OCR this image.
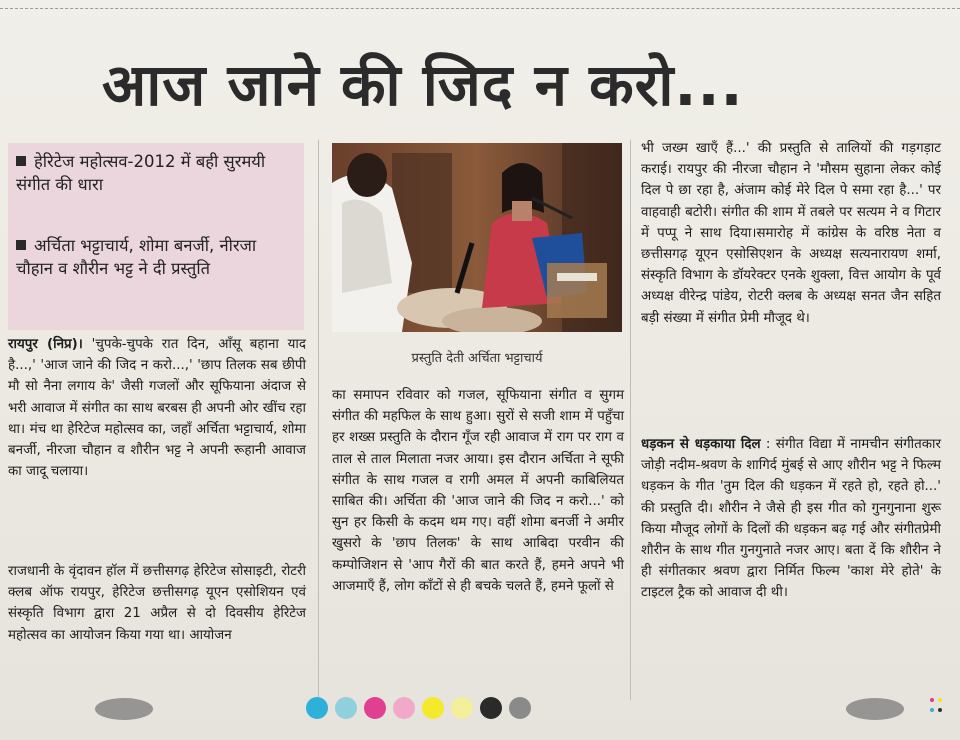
आज जाने की जिद न करो...
हेरिटेज महोत्सव-2012 में बही सुरमयी संगीत की धारा
अर्चिता भट्टाचार्य, शोमा बनर्जी, नीरजा चौहान व शौरीन भट्ट ने दी प्रस्तुति
प्रस्तुति देती अर्चिता भट्टाचार्य
रायपुर (निप्र)। 'चुपके-चुपके रात दिन, आँसू बहाना याद है...,' 'आज जाने की जिद न करो...,' 'छाप तिलक सब छीपी मौ सो नैना लगाय के' जैसी गजलों और सूफियाना अंदाज से भरी आवाज में संगीत का साथ बरबस ही अपनी ओर खींच रहा था। मंच था हेरिटेज महोत्सव का, जहाँ अर्चिता भट्टाचार्य, शोमा बनर्जी, नीरजा चौहान व शौरीन भट्ट ने अपनी रूहानी आवाज का जादू चलाया।
राजधानी के वृंदावन हॉल में छत्तीसगढ़ हेरिटेज सोसाइटी, रोटरी क्लब ऑफ रायपुर, हेरिटेज छत्तीसगढ़ यूएन एसोशियन एवं संस्कृति विभाग द्वारा 21 अप्रैल से दो दिवसीय हेरिटेज महोत्सव का आयोजन किया गया था। आयोजन
का समापन रविवार को गजल, सूफियाना संगीत व सुगम संगीत की महफिल के साथ हुआ। सुरों से सजी शाम में पहुँचा हर शख्स प्रस्तुति के दौरान गूँज रही आवाज में राग पर राग व ताल से ताल मिलाता नजर आया। इस दौरान अर्चिता ने सूफी संगीत के साथ गजल व रागी अमल में अपनी काबिलियत साबित की। अर्चिता की 'आज जाने की जिद न करो...' को सुन हर किसी के कदम थम गए। वहीं शोमा बनर्जी ने अमीर खुसरो के 'छाप तिलक' के साथ आबिदा परवीन की कम्पोजिशन से 'आप गैरों की बात करते हैं, हमने अपने भी आजमाएँ हैं, लोग काँटों से ही बचके चलते हैं, हमने फूलों से
भी जख्म खाएँ हैं...' की प्रस्तुति से तालियों की गड़गड़ाट कराई। रायपुर की नीरजा चौहान ने 'मौसम सुहाना लेकर कोई दिल पे छा रहा है, अंजाम कोई मेरे दिल पे समा रहा है...' पर वाहवाही बटोरी। संगीत की शाम में तबले पर सत्यम ने व गिटार में पप्पू ने साथ दिया।समारोह में कांग्रेस के वरिष्ठ नेता व छत्तीसगढ़ यूएन एसोसिएशन के अध्यक्ष सत्यनारायण शर्मा, संस्कृति विभाग के डॉयरेक्टर एनके शुक्ला, वित्त आयोग के पूर्व अध्यक्ष वीरेन्द्र पांडेय, रोटरी क्लब के अध्यक्ष सनत जैन सहित बड़ी संख्या में संगीत प्रेमी मौजूद थे।
धड़कन से धड़काया दिल : संगीत विद्या में नामचीन संगीतकार जोड़ी नदीम-श्रवण के शागिर्द मुंबई से आए शौरीन भट्ट ने फिल्म धड़कन के गीत 'तुम दिल की धड़कन में रहते हो, रहते हो...' की प्रस्तुति दी। शौरीन ने जैसे ही इस गीत को गुनगुनाना शुरू किया मौजूद लोगों के दिलों की धड़कन बढ़ गई और संगीतप्रेमी शौरीन के साथ गीत गुनगुनाते नजर आए। बता दें कि शौरीन ने ही संगीतकार श्रवण द्वारा निर्मित फिल्म 'काश मेरे होते' के टाइटल ट्रैक को आवाज दी थी।
